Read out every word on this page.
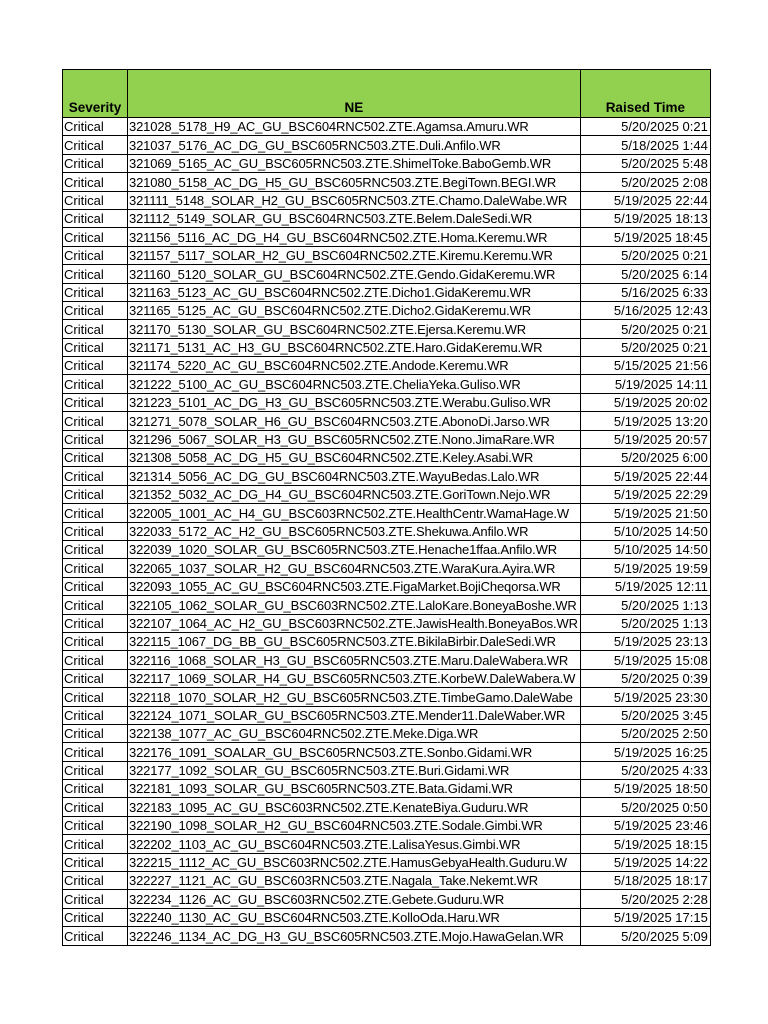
Severity	NE	Raised Time
Critical	321028_5178_H9_AC_GU_BSC604RNC502.ZTE.Agamsa.Amuru.WR	5/20/2025 0:21
Critical	321037_5176_AC_DG_GU_BSC605RNC503.ZTE.Duli.Anfilo.WR	5/18/2025 1:44
Critical	321069_5165_AC_GU_BSC605RNC503.ZTE.ShimelToke.BaboGemb.WR	5/20/2025 5:48
Critical	321080_5158_AC_DG_H5_GU_BSC605RNC503.ZTE.BegiTown.BEGI.WR	5/20/2025 2:08
Critical	321111_5148_SOLAR_H2_GU_BSC605RNC503.ZTE.Chamo.DaleWabe.WR	5/19/2025 22:44
Critical	321112_5149_SOLAR_GU_BSC604RNC503.ZTE.Belem.DaleSedi.WR	5/19/2025 18:13
Critical	321156_5116_AC_DG_H4_GU_BSC604RNC502.ZTE.Homa.Keremu.WR	5/19/2025 18:45
Critical	321157_5117_SOLAR_H2_GU_BSC604RNC502.ZTE.Kiremu.Keremu.WR	5/20/2025 0:21
Critical	321160_5120_SOLAR_GU_BSC604RNC502.ZTE.Gendo.GidaKeremu.WR	5/20/2025 6:14
Critical	321163_5123_AC_GU_BSC604RNC502.ZTE.Dicho1.GidaKeremu.WR	5/16/2025 6:33
Critical	321165_5125_AC_GU_BSC604RNC502.ZTE.Dicho2.GidaKeremu.WR	5/16/2025 12:43
Critical	321170_5130_SOLAR_GU_BSC604RNC502.ZTE.Ejersa.Keremu.WR	5/20/2025 0:21
Critical	321171_5131_AC_H3_GU_BSC604RNC502.ZTE.Haro.GidaKeremu.WR	5/20/2025 0:21
Critical	321174_5220_AC_GU_BSC604RNC502.ZTE.Andode.Keremu.WR	5/15/2025 21:56
Critical	321222_5100_AC_GU_BSC604RNC503.ZTE.CheliaYeka.Guliso.WR	5/19/2025 14:11
Critical	321223_5101_AC_DG_H3_GU_BSC605RNC503.ZTE.Werabu.Guliso.WR	5/19/2025 20:02
Critical	321271_5078_SOLAR_H6_GU_BSC604RNC503.ZTE.AbonoDi.Jarso.WR	5/19/2025 13:20
Critical	321296_5067_SOLAR_H3_GU_BSC605RNC502.ZTE.Nono.JimaRare.WR	5/19/2025 20:57
Critical	321308_5058_AC_DG_H5_GU_BSC604RNC502.ZTE.Keley.Asabi.WR	5/20/2025 6:00
Critical	321314_5056_AC_DG_GU_BSC604RNC503.ZTE.WayuBedas.Lalo.WR	5/19/2025 22:44
Critical	321352_5032_AC_DG_H4_GU_BSC604RNC503.ZTE.GoriTown.Nejo.WR	5/19/2025 22:29
Critical	322005_1001_AC_H4_GU_BSC603RNC502.ZTE.HealthCentr.WamaHage.W	5/19/2025 21:50
Critical	322033_5172_AC_H2_GU_BSC605RNC503.ZTE.Shekuwa.Anfilo.WR	5/10/2025 14:50
Critical	322039_1020_SOLAR_GU_BSC605RNC503.ZTE.Henache1ffaa.Anfilo.WR	5/10/2025 14:50
Critical	322065_1037_SOLAR_H2_GU_BSC604RNC503.ZTE.WaraKura.Ayira.WR	5/19/2025 19:59
Critical	322093_1055_AC_GU_BSC604RNC503.ZTE.FigaMarket.BojiCheqorsa.WR	5/19/2025 12:11
Critical	322105_1062_SOLAR_GU_BSC603RNC502.ZTE.LaloKare.BoneyaBoshe.WR	5/20/2025 1:13
Critical	322107_1064_AC_H2_GU_BSC603RNC502.ZTE.JawisHealth.BoneyaBos.WR	5/20/2025 1:13
Critical	322115_1067_DG_BB_GU_BSC605RNC503.ZTE.BikilaBirbir.DaleSedi.WR	5/19/2025 23:13
Critical	322116_1068_SOLAR_H3_GU_BSC605RNC503.ZTE.Maru.DaleWabera.WR	5/19/2025 15:08
Critical	322117_1069_SOLAR_H4_GU_BSC605RNC503.ZTE.KorbeW.DaleWabera.W	5/20/2025 0:39
Critical	322118_1070_SOLAR_H2_GU_BSC605RNC503.ZTE.TimbeGamo.DaleWabe	5/19/2025 23:30
Critical	322124_1071_SOLAR_GU_BSC605RNC503.ZTE.Mender11.DaleWaber.WR	5/20/2025 3:45
Critical	322138_1077_AC_GU_BSC604RNC502.ZTE.Meke.Diga.WR	5/20/2025 2:50
Critical	322176_1091_SOALAR_GU_BSC605RNC503.ZTE.Sonbo.Gidami.WR	5/19/2025 16:25
Critical	322177_1092_SOLAR_GU_BSC605RNC503.ZTE.Buri.Gidami.WR	5/20/2025 4:33
Critical	322181_1093_SOLAR_GU_BSC605RNC503.ZTE.Bata.Gidami.WR	5/19/2025 18:50
Critical	322183_1095_AC_GU_BSC603RNC502.ZTE.KenateBiya.Guduru.WR	5/20/2025 0:50
Critical	322190_1098_SOLAR_H2_GU_BSC604RNC503.ZTE.Sodale.Gimbi.WR	5/19/2025 23:46
Critical	322202_1103_AC_GU_BSC604RNC503.ZTE.LalisaYesus.Gimbi.WR	5/19/2025 18:15
Critical	322215_1112_AC_GU_BSC603RNC502.ZTE.HamusGebyaHealth.Guduru.W	5/19/2025 14:22
Critical	322227_1121_AC_GU_BSC603RNC503.ZTE.Nagala_Take.Nekemt.WR	5/18/2025 18:17
Critical	322234_1126_AC_GU_BSC603RNC502.ZTE.Gebete.Guduru.WR	5/20/2025 2:28
Critical	322240_1130_AC_GU_BSC604RNC503.ZTE.KolloOda.Haru.WR	5/19/2025 17:15
Critical	322246_1134_AC_DG_H3_GU_BSC605RNC503.ZTE.Mojo.HawaGelan.WR	5/20/2025 5:09
